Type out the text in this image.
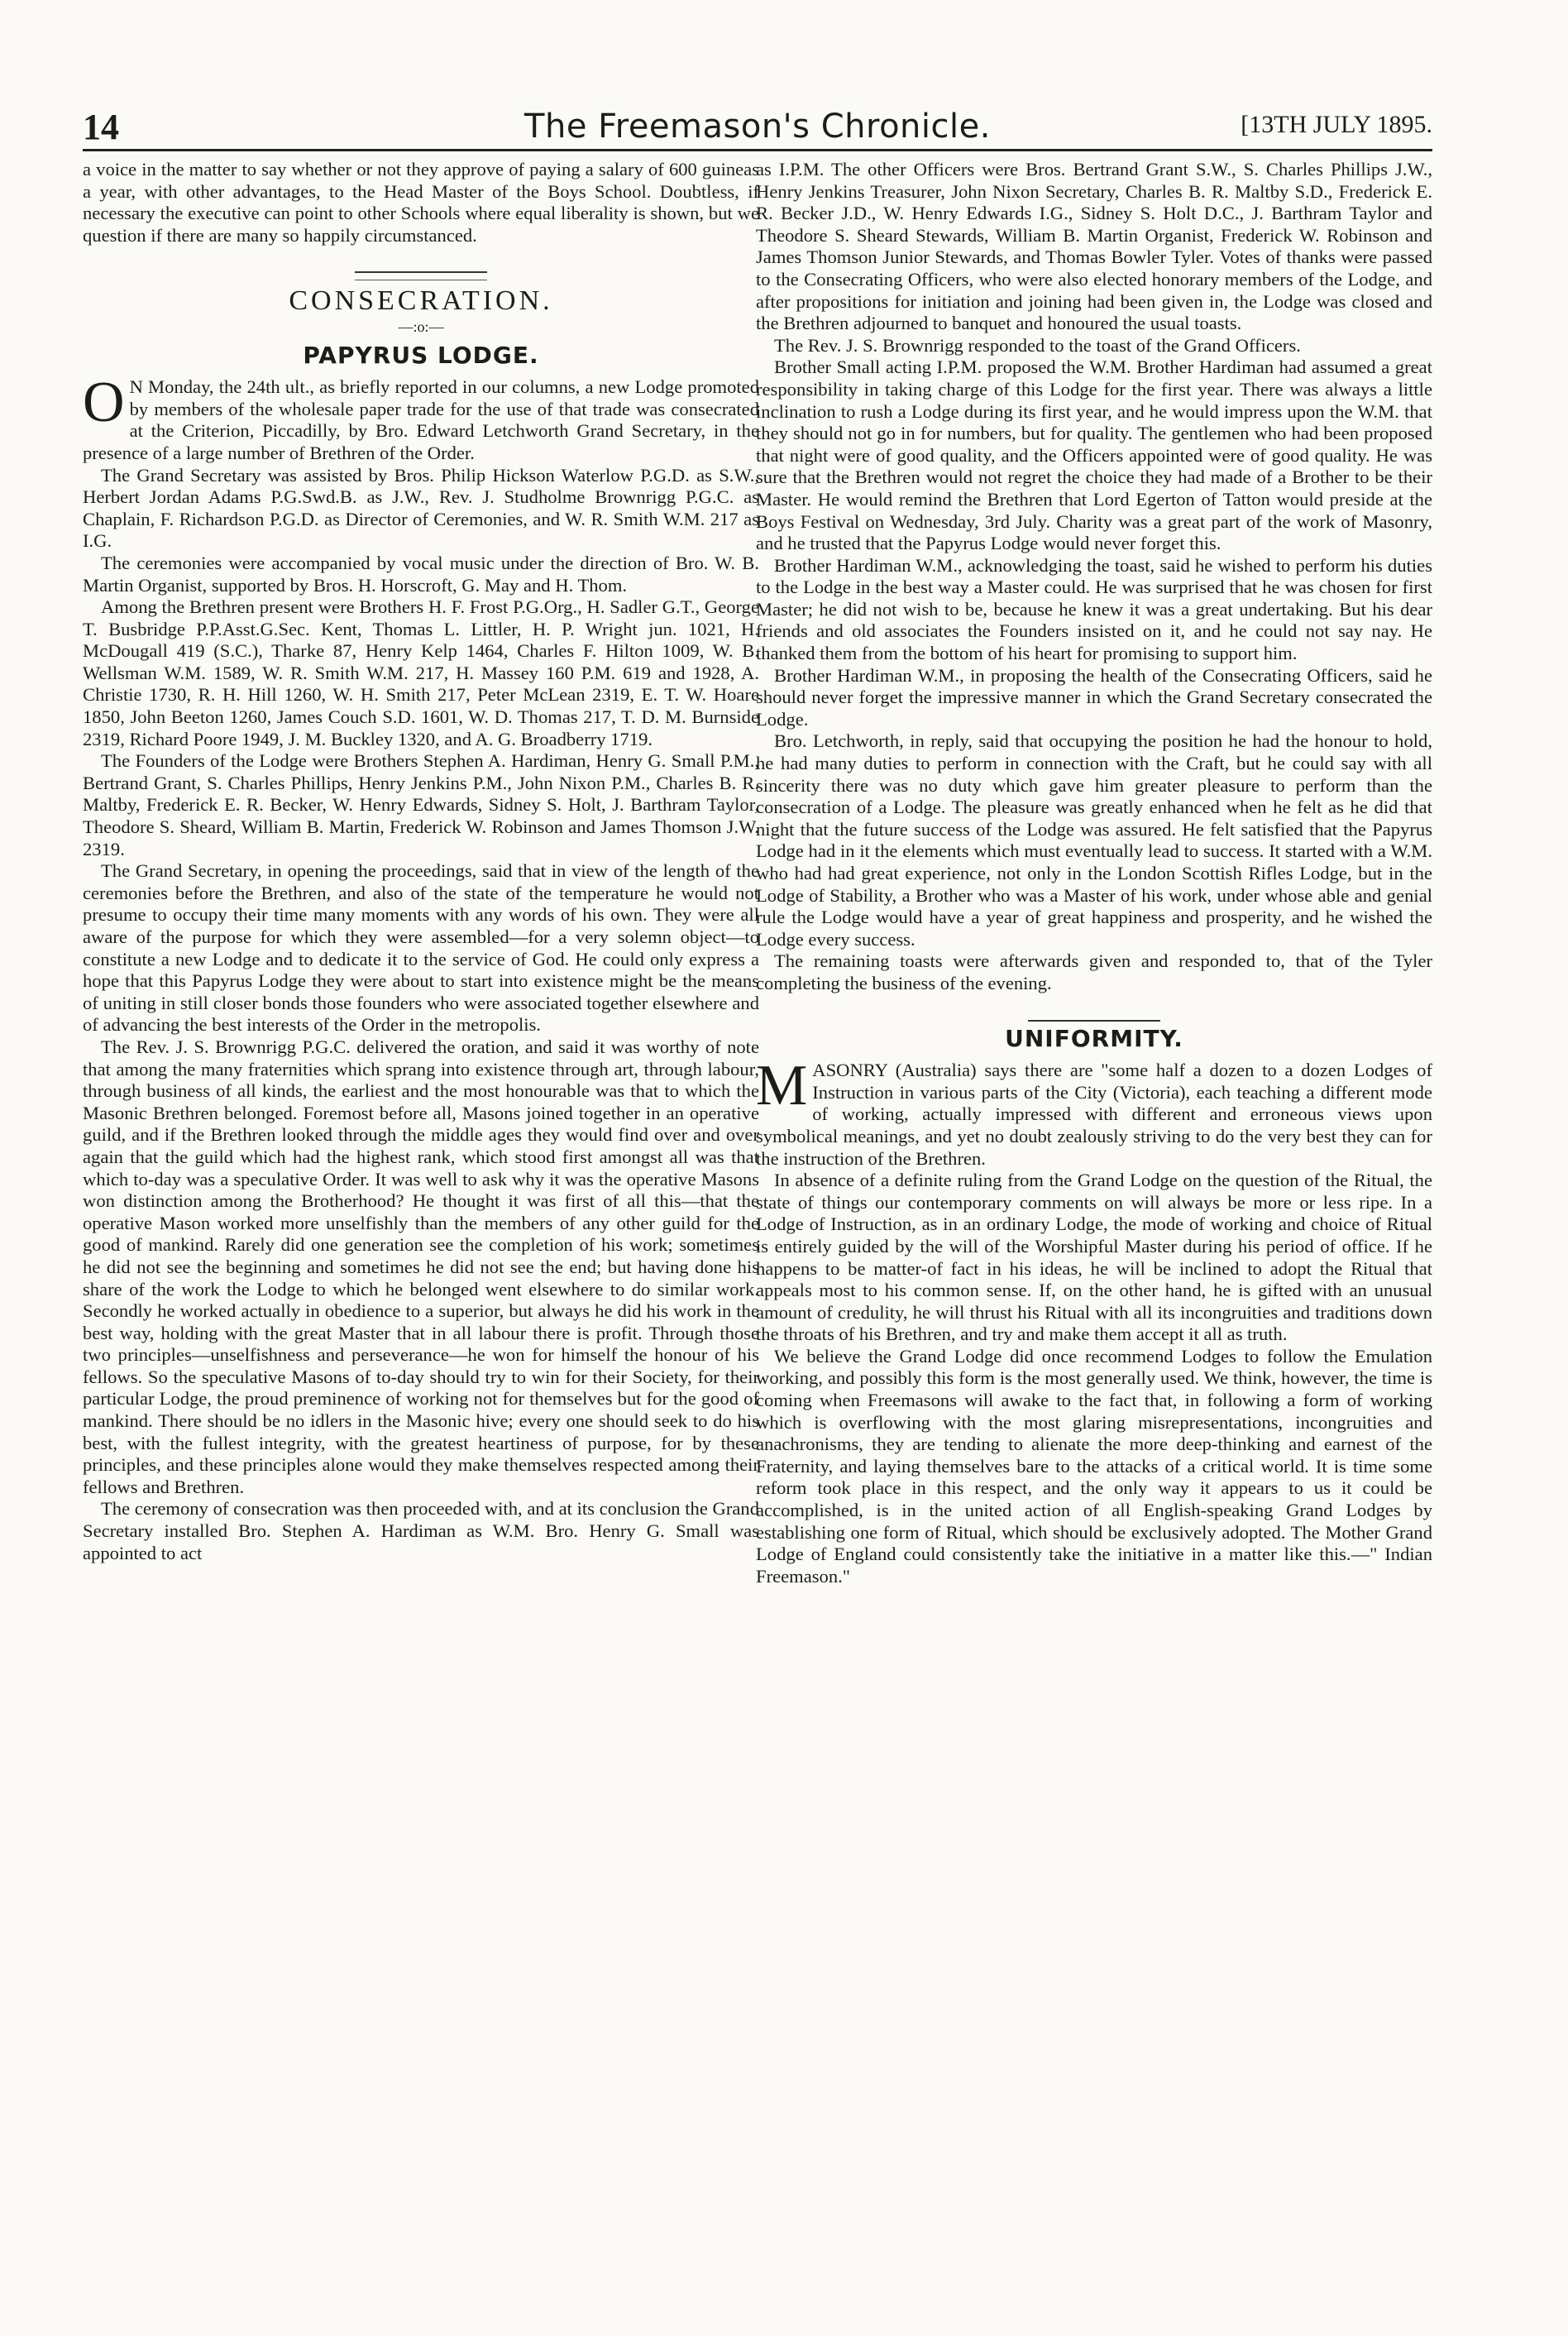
14	The Freemason's Chronicle.	[13TH JULY 1895.

a voice in the matter to say whether or not they approve of paying a salary of 600 guineas a year, with other advantages, to the Head Master of the Boys School. Doubtless, if necessary the executive can point to other Schools where equal liberality is shown, but we question if there are many so happily circumstanced.

CONSECRATION.
—:o:—
PAPYRUS LODGE.
O N Monday, the 24th ult., as briefly reported in our columns, a new Lodge promoted by members of the wholesale paper trade for the use of that trade was consecrated at the Criterion, Piccadilly, by Bro. Edward Letchworth Grand Secretary, in the presence of a large number of Brethren of the Order.

The Grand Secretary was assisted by Bros. Philip Hickson Waterlow P.G.D. as S.W., Herbert Jordan Adams P.G.Swd.B. as J.W., Rev. J. Studholme Brownrigg P.G.C. as Chaplain, F. Richardson P.G.D. as Director of Ceremonies, and W. R. Smith W.M. 217 as I.G.

The ceremonies were accompanied by vocal music under the direction of Bro. W. B. Martin Organist, supported by Bros. H. Horscroft, G. May and H. Thom.

Among the Brethren present were Brothers H. F. Frost P.G.Org., H. Sadler G.T., George T. Busbridge P.P.Asst.G.Sec. Kent, Thomas L. Littler, H. P. Wright jun. 1021, H. McDougall 419 (S.C.), Tharke 87, Henry Kelp 1464, Charles F. Hilton 1009, W. B. Wellsman W.M. 1589, W. R. Smith W.M. 217, H. Massey 160 P.M. 619 and 1928, A. Christie 1730, R. H. Hill 1260, W. H. Smith 217, Peter McLean 2319, E. T. W. Hoare 1850, John Beeton 1260, James Couch S.D. 1601, W. D. Thomas 217, T. D. M. Burnside 2319, Richard Poore 1949, J. M. Buckley 1320, and A. G. Broadberry 1719.

The Founders of the Lodge were Brothers Stephen A. Hardiman, Henry G. Small P.M., Bertrand Grant, S. Charles Phillips, Henry Jenkins P.M., John Nixon P.M., Charles B. R. Maltby, Frederick E. R. Becker, W. Henry Edwards, Sidney S. Holt, J. Barthram Taylor, Theodore S. Sheard, William B. Martin, Frederick W. Robinson and James Thomson J.W. 2319.

The Grand Secretary, in opening the proceedings, said that in view of the length of the ceremonies before the Brethren, and also of the state of the temperature he would not presume to occupy their time many moments with any words of his own. They were all aware of the purpose for which they were assembled—for a very solemn object—to constitute a new Lodge and to dedicate it to the service of God. He could only express a hope that this Papyrus Lodge they were about to start into existence might be the means of uniting in still closer bonds those founders who were associated together elsewhere and of advancing the best interests of the Order in the metropolis.

The Rev. J. S. Brownrigg P.G.C. delivered the oration, and said it was worthy of note that among the many fraternities which sprang into existence through art, through labour, through business of all kinds, the earliest and the most honourable was that to which the Masonic Brethren belonged. Foremost before all, Masons joined together in an operative guild, and if the Brethren looked through the middle ages they would find over and over again that the guild which had the highest rank, which stood first amongst all was that which to-day was a speculative Order. It was well to ask why it was the operative Masons won distinction among the Brotherhood? He thought it was first of all this—that the operative Mason worked more unselfishly than the members of any other guild for the good of mankind. Rarely did one generation see the completion of his work; sometimes he did not see the beginning and sometimes he did not see the end; but having done his share of the work the Lodge to which he belonged went elsewhere to do similar work. Secondly he worked actually in obedience to a superior, but always he did his work in the best way, holding with the great Master that in all labour there is profit. Through those two principles—unselfishness and perseverance—he won for himself the honour of his fellows. So the speculative Masons of to-day should try to win for their Society, for their particular Lodge, the proud preminence of working not for themselves but for the good of mankind. There should be no idlers in the Masonic hive; every one should seek to do his best, with the fullest integrity, with the greatest heartiness of purpose, for by these principles, and these principles alone would they make themselves respected among their fellows and Brethren.

The ceremony of consecration was then proceeded with, and at its conclusion the Grand Secretary installed Bro. Stephen A. Hardiman as W.M. Bro. Henry G. Small was appointed to act

as I.P.M. The other Officers were Bros. Bertrand Grant S.W., S. Charles Phillips J.W., Henry Jenkins Treasurer, John Nixon Secretary, Charles B. R. Maltby S.D., Frederick E. R. Becker J.D., W. Henry Edwards I.G., Sidney S. Holt D.C., J. Barthram Taylor and Theodore S. Sheard Stewards, William B. Martin Organist, Frederick W. Robinson and James Thomson Junior Stewards, and Thomas Bowler Tyler. Votes of thanks were passed to the Consecrating Officers, who were also elected honorary members of the Lodge, and after propositions for initiation and joining had been given in, the Lodge was closed and the Brethren adjourned to banquet and honoured the usual toasts.

The Rev. J. S. Brownrigg responded to the toast of the Grand Officers.

Brother Small acting I.P.M. proposed the W.M. Brother Hardiman had assumed a great responsibility in taking charge of this Lodge for the first year. There was always a little inclination to rush a Lodge during its first year, and he would impress upon the W.M. that they should not go in for numbers, but for quality. The gentlemen who had been proposed that night were of good quality, and the Officers appointed were of good quality. He was sure that the Brethren would not regret the choice they had made of a Brother to be their Master. He would remind the Brethren that Lord Egerton of Tatton would preside at the Boys Festival on Wednesday, 3rd July. Charity was a great part of the work of Masonry, and he trusted that the Papyrus Lodge would never forget this.

Brother Hardiman W.M., acknowledging the toast, said he wished to perform his duties to the Lodge in the best way a Master could. He was surprised that he was chosen for first Master; he did not wish to be, because he knew it was a great undertaking. But his dear friends and old associates the Founders insisted on it, and he could not say nay. He thanked them from the bottom of his heart for promising to support him.

Brother Hardiman W.M., in proposing the health of the Consecrating Officers, said he should never forget the impressive manner in which the Grand Secretary consecrated the Lodge.

Bro. Letchworth, in reply, said that occupying the position he had the honour to hold, he had many duties to perform in connection with the Craft, but he could say with all sincerity there was no duty which gave him greater pleasure to perform than the consecration of a Lodge. The pleasure was greatly enhanced when he felt as he did that night that the future success of the Lodge was assured. He felt satisfied that the Papyrus Lodge had in it the elements which must eventually lead to success. It started with a W.M. who had had great experience, not only in the London Scottish Rifles Lodge, but in the Lodge of Stability, a Brother who was a Master of his work, under whose able and genial rule the Lodge would have a year of great happiness and prosperity, and he wished the Lodge every success.

The remaining toasts were afterwards given and responded to, that of the Tyler completing the business of the evening.

UNIFORMITY.
M ASONRY (Australia) says there are "some half a dozen to a dozen Lodges of Instruction in various parts of the City (Victoria), each teaching a different mode of working, actually impressed with different and erroneous views upon symbolical meanings, and yet no doubt zealously striving to do the very best they can for the instruction of the Brethren.

In absence of a definite ruling from the Grand Lodge on the question of the Ritual, the state of things our contemporary comments on will always be more or less ripe. In a Lodge of Instruction, as in an ordinary Lodge, the mode of working and choice of Ritual is entirely guided by the will of the Worshipful Master during his period of office. If he happens to be matter-of fact in his ideas, he will be inclined to adopt the Ritual that appeals most to his common sense. If, on the other hand, he is gifted with an unusual amount of credulity, he will thrust his Ritual with all its incongruities and traditions down the throats of his Brethren, and try and make them accept it all as truth.

We believe the Grand Lodge did once recommend Lodges to follow the Emulation working, and possibly this form is the most generally used. We think, however, the time is coming when Freemasons will awake to the fact that, in following a form of working which is overflowing with the most glaring misrepresentations, incongruities and anachronisms, they are tending to alienate the more deep-thinking and earnest of the Fraternity, and laying themselves bare to the attacks of a critical world. It is time some reform took place in this respect, and the only way it appears to us it could be accomplished, is in the united action of all English-speaking Grand Lodges by establishing one form of Ritual, which should be exclusively adopted. The Mother Grand Lodge of England could consistently take the initiative in a matter like this.—" Indian Freemason."
